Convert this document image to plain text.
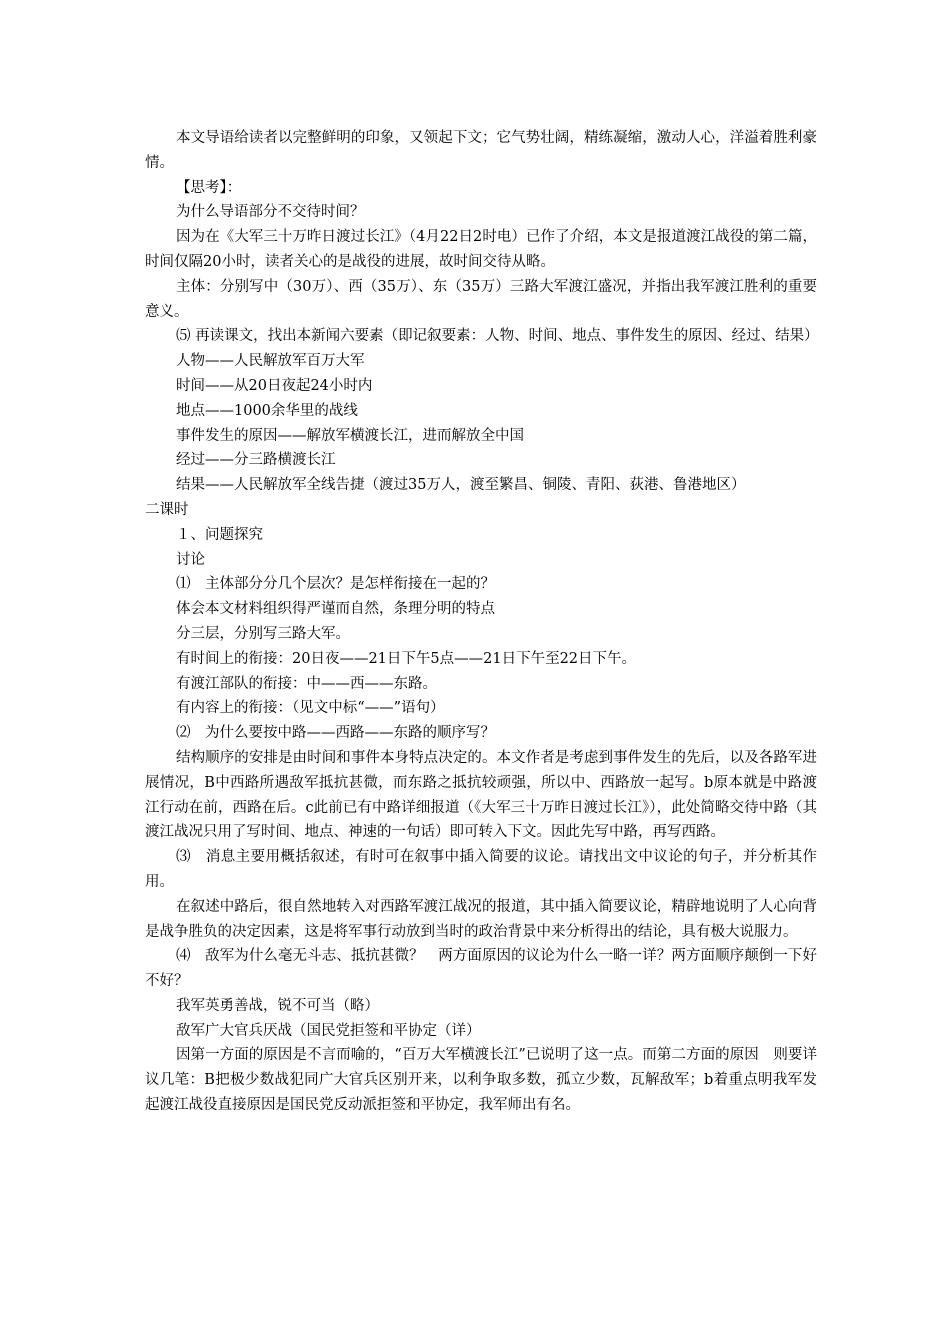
本文导语给读者以完整鲜明的印象，又领起下文；它气势壮阔，精练凝缩，激动人心，洋溢着胜利豪情。

【思考】：

为什么导语部分不交待时间？

因为在《大军三十万昨日渡过长江》（4月22日2时电）已作了介绍，本文是报道渡江战役的第二篇，时间仅隔20小时，读者关心的是战役的进展，故时间交待从略。

主体：分别写中（30万）、西（35万）、东（35万）三路大军渡江盛况，并指出我军渡江胜利的重要意义。

⑸ 再读课文，找出本新闻六要素（即记叙要素：人物、时间、地点、事件发生的原因、经过、结果）

人物——人民解放军百万大军

时间——从20日夜起24小时内

地点——1000余华里的战线

事件发生的原因——解放军横渡长江，进而解放全中国

经过——分三路横渡长江

结果——人民解放军全线告捷（渡过35万人，渡至繁昌、铜陵、青阳、荻港、鲁港地区）

二课时

１、问题探究

讨论

⑴　主体部分分几个层次？是怎样衔接在一起的？

体会本文材料组织得严谨而自然，条理分明的特点

分三层，分别写三路大军。

有时间上的衔接：20日夜——21日下午5点——21日下午至22日下午。

有渡江部队的衔接：中——西——东路。

有内容上的衔接：（见文中标“——”语句）

⑵　为什么要按中路——西路——东路的顺序写？

结构顺序的安排是由时间和事件本身特点决定的。本文作者是考虑到事件发生的先后，以及各路军进展情况，B中西路所遇敌军抵抗甚微，而东路之抵抗较顽强，所以中、西路放一起写。b原本就是中路渡江行动在前，西路在后。c此前已有中路详细报道（《大军三十万昨日渡过长江》），此处简略交待中路（其渡江战况只用了写时间、地点、神速的一句话）即可转入下文。因此先写中路，再写西路。

⑶　消息主要用概括叙述，有时可在叙事中插入简要的议论。请找出文中议论的句子，并分析其作用。

在叙述中路后，很自然地转入对西路军渡江战况的报道，其中插入简要议论，精辟地说明了人心向背是战争胜负的决定因素，这是将军事行动放到当时的政治背景中来分析得出的结论，具有极大说服力。

⑷　敌军为什么毫无斗志、抵抗甚微？　两方面原因的议论为什么一略一详？两方面顺序颠倒一下好不好？

我军英勇善战，锐不可当（略）

敌军广大官兵厌战（国民党拒签和平协定（详）

因第一方面的原因是不言而喻的，“百万大军横渡长江”已说明了这一点。而第二方面的原因　则要详议几笔：B把极少数战犯同广大官兵区别开来，以利争取多数，孤立少数，瓦解敌军；b着重点明我军发起渡江战役直接原因是国民党反动派拒签和平协定，我军师出有名。
